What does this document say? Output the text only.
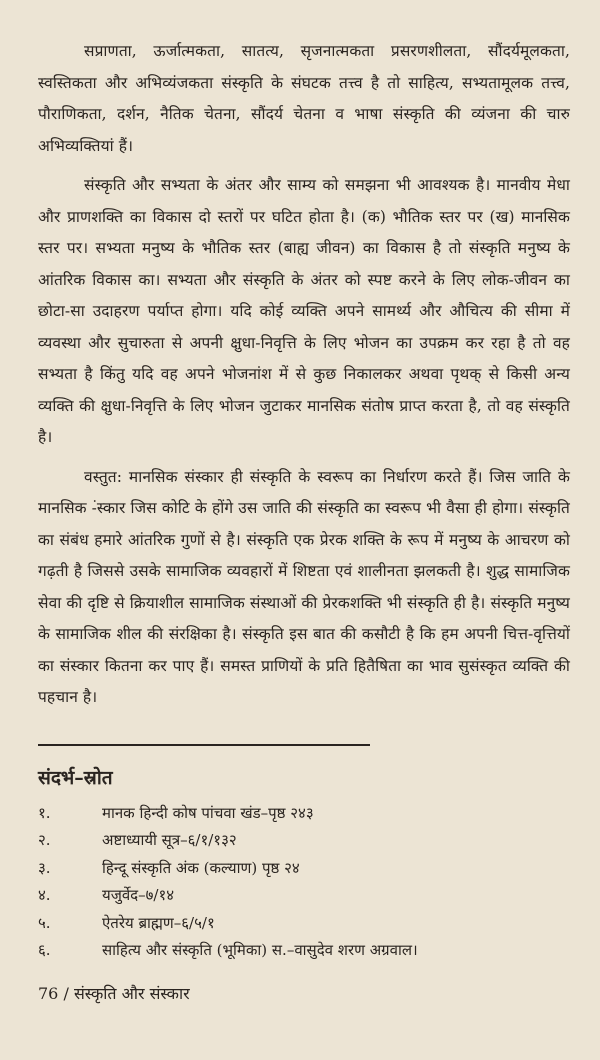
सप्राणता, ऊर्जात्मकता, सातत्य, सृजनात्मकता प्रसरणशीलता, सौंदर्यमूलकता, स्वस्तिकता और अभिव्यंजकता संस्कृति के संघटक तत्त्व है तो साहित्य, सभ्यतामूलक तत्त्व, पौराणिकता, दर्शन, नैतिक चेतना, सौंदर्य चेतना व भाषा संस्कृति की व्यंजना की चारु अभिव्यक्तियां हैं।

संस्कृति और सभ्यता के अंतर और साम्य को समझना भी आवश्यक है। मानवीय मेधा और प्राणशक्ति का विकास दो स्तरों पर घटित होता है। (क) भौतिक स्तर पर (ख) मानसिक स्तर पर। सभ्यता मनुष्य के भौतिक स्तर (बाह्य जीवन) का विकास है तो संस्कृति मनुष्य के आंतरिक विकास का। सभ्यता और संस्कृति के अंतर को स्पष्ट करने के लिए लोक-जीवन का छोटा-सा उदाहरण पर्याप्त होगा। यदि कोई व्यक्ति अपने सामर्थ्य और औचित्य की सीमा में व्यवस्था और सुचारुता से अपनी क्षुधा-निवृत्ति के लिए भोजन का उपक्रम कर रहा है तो वह सभ्यता है किंतु यदि वह अपने भोजनांश में से कुछ निकालकर अथवा पृथक् से किसी अन्य व्यक्ति की क्षुधा-निवृत्ति के लिए भोजन जुटाकर मानसिक संतोष प्राप्त करता है, तो वह संस्कृति है।

वस्तुत: मानसिक संस्कार ही संस्कृति के स्वरूप का निर्धारण करते हैं। जिस जाति के मानसिक ‑ंस्कार जिस कोटि के होंगे उस जाति की संस्कृति का स्वरूप भी वैसा ही होगा। संस्कृति का संबंध हमारे आंतरिक गुणों से है। संस्कृति एक प्रेरक शक्ति के रूप में मनुष्य के आचरण को गढ़ती है जिससे उसके सामाजिक व्यवहारों में शिष्टता एवं शालीनता झलकती है। शुद्ध सामाजिक सेवा की दृष्टि से क्रियाशील सामाजिक संस्थाओं की प्रेरकशक्ति भी संस्कृति ही है। संस्कृति मनुष्य के सामाजिक शील की संरक्षिका है। संस्कृति इस बात की कसौटी है कि हम अपनी चित्त-वृत्तियों का संस्कार कितना कर पाए हैं। समस्त प्राणियों के प्रति हितैषिता का भाव सुसंस्कृत व्यक्ति की पहचान है।

संदर्भ–स्रोत
१.	मानक हिन्दी कोष पांचवा खंड–पृष्ठ २४३
२.	अष्टाध्यायी सूत्र–६/१/१३२
३.	हिन्दू संस्कृति अंक (कल्याण) पृष्ठ २४
४.	यजुर्वेद–७/१४
५.	ऐतरेय ब्राह्मण–६/५/१
६.	साहित्य और संस्कृति (भूमिका) स.–वासुदेव शरण अग्रवाल।
76 / संस्कृति और संस्कार
